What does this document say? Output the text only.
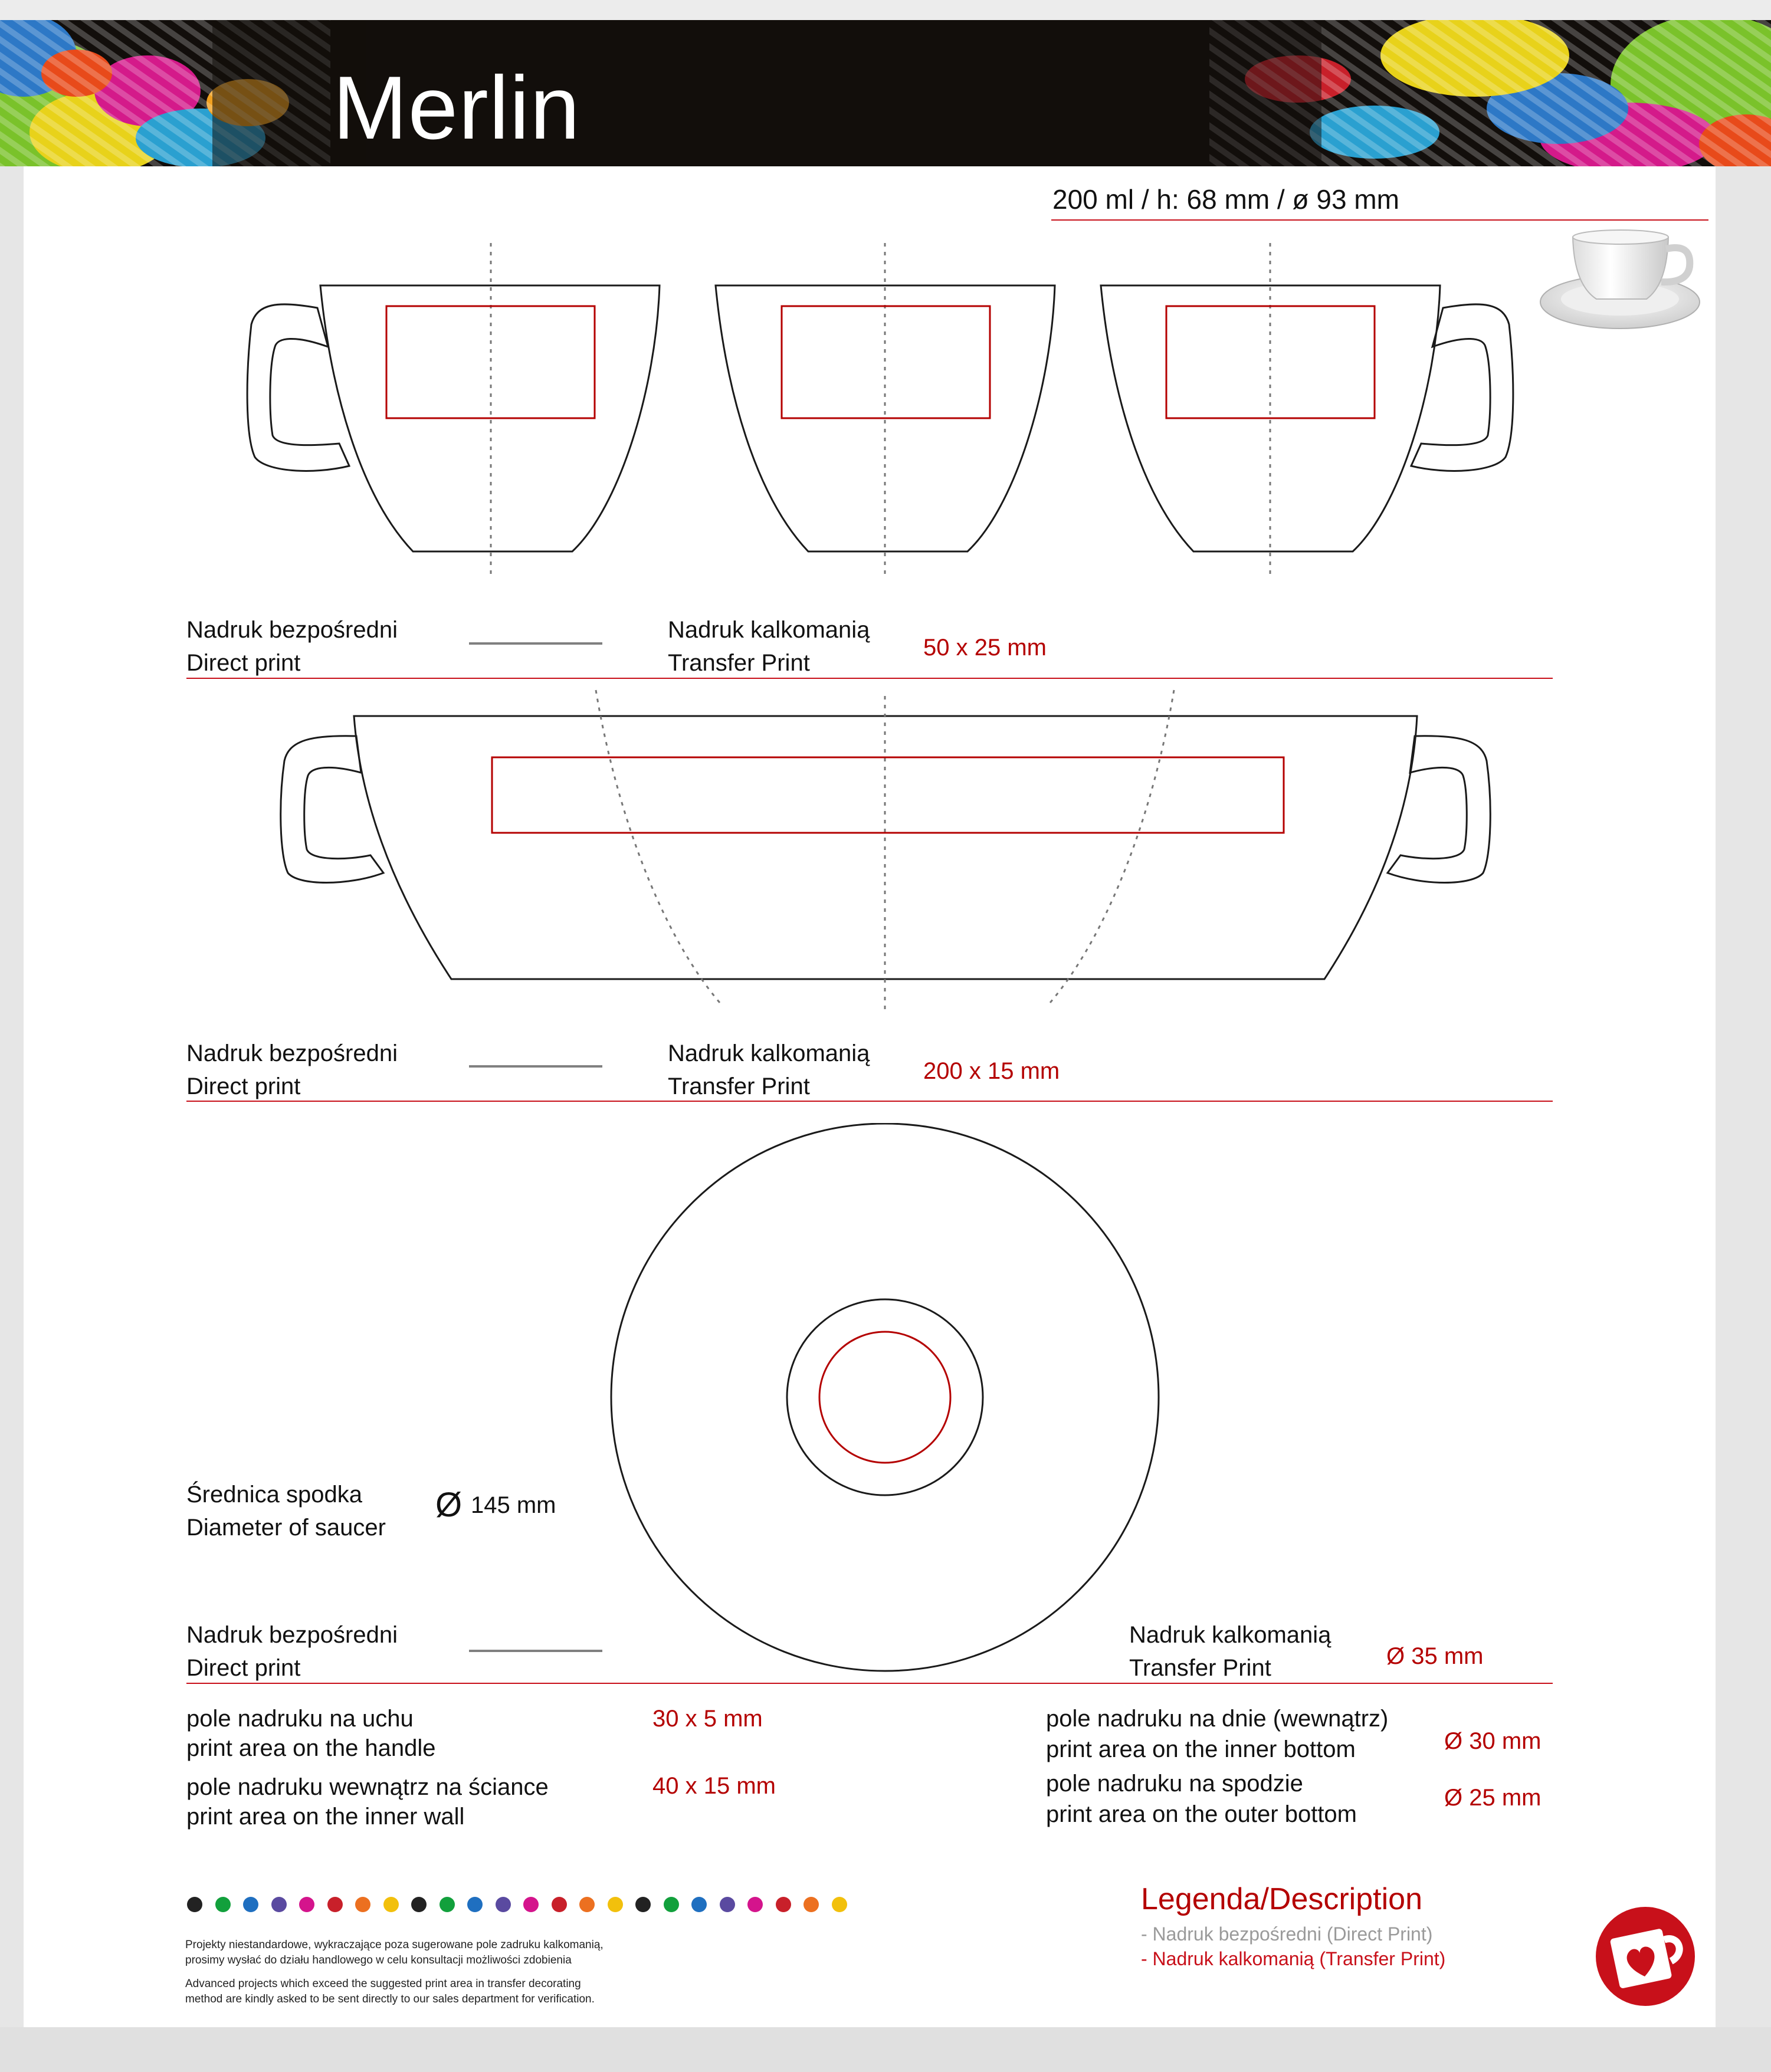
Merlin
200 ml / h: 68 mm / ø 93 mm
Nadruk bezpośredni
Direct print
Nadruk kalkomanią
Transfer Print
50 x 25 mm
Nadruk bezpośredni
Direct print
Nadruk kalkomanią
Transfer Print
200 x 15 mm
Średnica spodka
Diameter of saucer
Ø 145 mm
Nadruk bezpośredni
Direct print
Nadruk kalkomanią
Transfer Print	Ø 35 mm
pole nadruku na uchu
print area on the handle
30 x 5 mm
pole nadruku wewnątrz na ściance
print area on the inner wall
40 x 15 mm
pole nadruku na dnie (wewnątrz)
print area on the inner bottom	Ø 30 mm
pole nadruku na spodzie
print area on the outer bottom
Ø 25 mm
Projekty niestandardowe, wykraczające poza sugerowane pole zadruku kalkomanią,
prosimy wysłać do działu handlowego w celu konsultacji możliwości zdobienia
Advanced projects which exceed the suggested print area in transfer decorating
method are kindly asked to be sent directly to our sales department for verification.
Legenda/Description
- Nadruk bezpośredni (Direct Print)
- Nadruk kalkomanią (Transfer Print)
